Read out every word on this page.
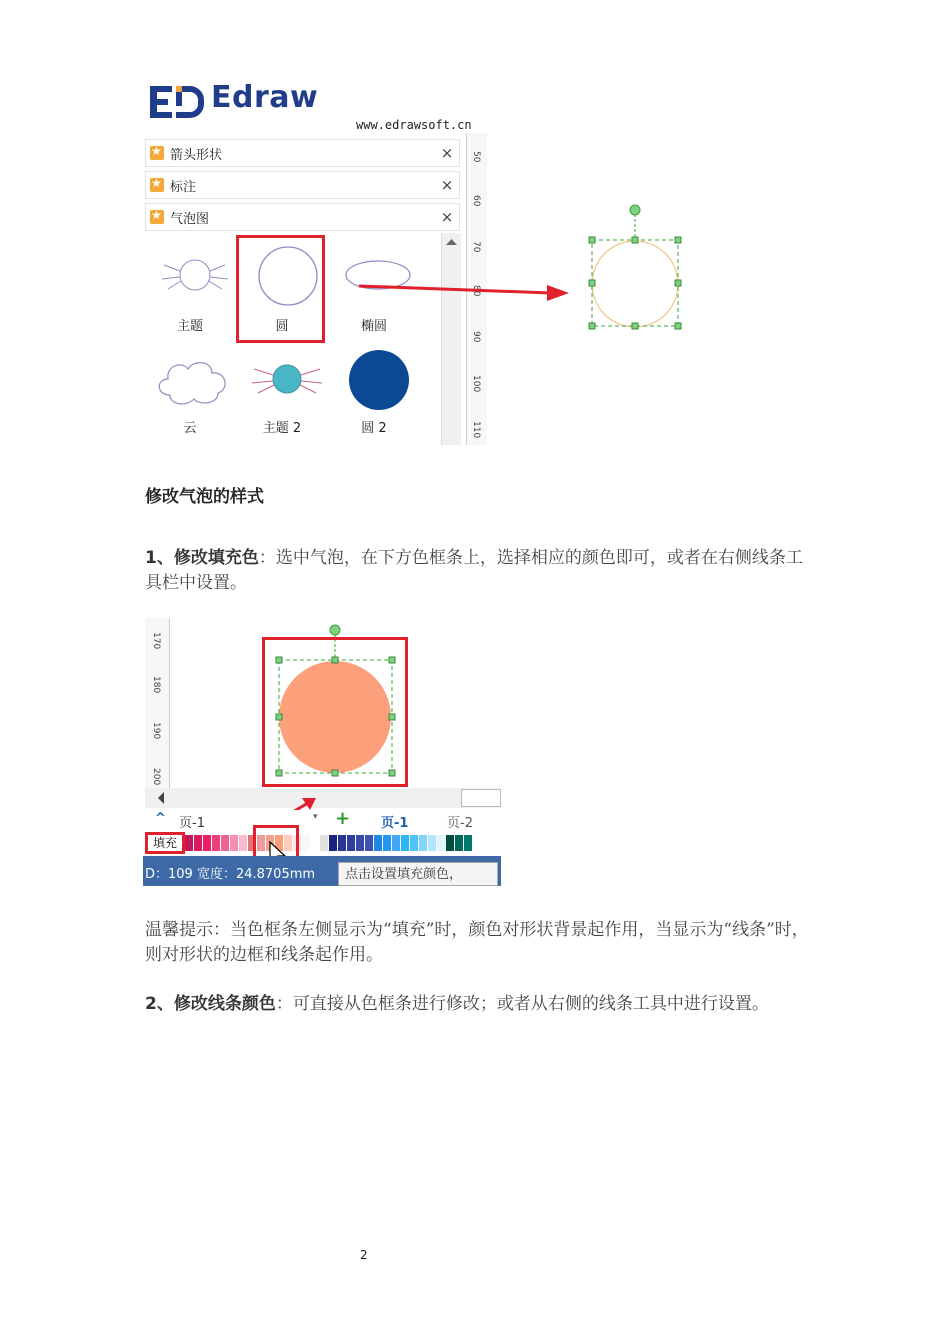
Edraw
www.edrawsoft.cn
★
箭头形状	×
★
标注	×
★
气泡图	×
主题	圆	椭圆
云	主题 2	圆 2
50
60
70
90
100
110
修改气泡的样式
1、修改填充色：选中气泡，在下方色框条上，选择相应的颜色即可，或者在右侧线条工具栏中设置。
170
180
190
200
^ 页-1	▾ + 页-1	页-2
填充
D：109 宽度：24.8705mm	点击设置填充颜色，
温馨提示：当色框条左侧显示为“填充”时，颜色对形状背景起作用，当显示为“线条”时，则对形状的边框和线条起作用。
2、修改线条颜色：可直接从色框条进行修改；或者从右侧的线条工具中进行设置。
2
